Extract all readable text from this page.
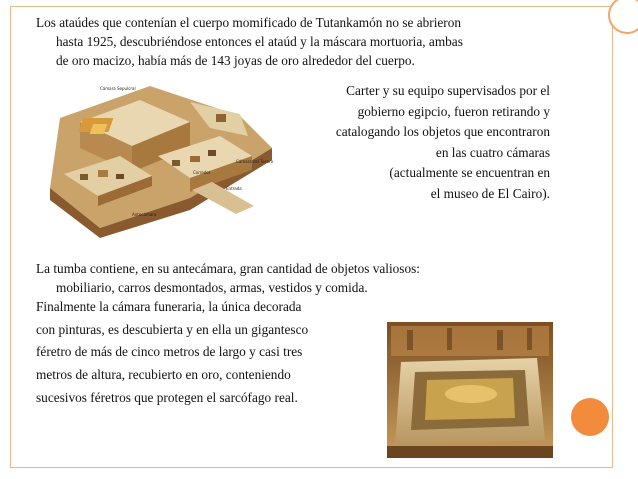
Los ataúdes que contenían el cuerpo momificado de Tutankamón no se abrieron
hasta 1925, descubriéndose entonces el ataúd y la máscara mortuoria, ambas
de oro macizo, había más de 143 joyas de oro alrededor del cuerpo.
Cámara Sepulcral
Cámara del Tesoro
Corredor
Entrada
Antecámara
Carter y su equipo supervisados por el
gobierno egipcio, fueron retirando y
catalogando los objetos que encontraron
en las cuatro cámaras
(actualmente se encuentran en
el museo de El Cairo).
La tumba contiene, en su antecámara, gran cantidad de objetos valiosos:
mobiliario, carros desmontados, armas, vestidos y comida.
Finalmente la cámara funeraria, la única decorada
con pinturas, es descubierta y en ella un gigantesco
féretro de más de cinco metros de largo y casi tres
metros de altura, recubierto en oro, conteniendo
sucesivos féretros que protegen el sarcófago real.
